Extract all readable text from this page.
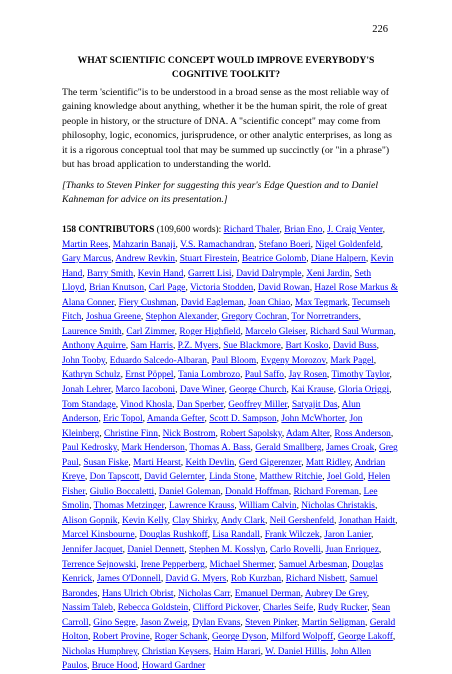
226
WHAT SCIENTIFIC CONCEPT WOULD IMPROVE EVERYBODY'S
COGNITIVE TOOLKIT?
The term 'scientific"is to be understood in a broad sense as the most reliable way of gaining knowledge about anything, whether it be the human spirit, the role of great people in history, or the structure of DNA. A "scientific concept" may come from philosophy, logic, economics, jurisprudence, or other analytic enterprises, as long as it is a rigorous conceptual tool that may be summed up succinctly (or "in a phrase") but has broad application to understanding the world.
[Thanks to Steven Pinker for suggesting this year's Edge Question and to Daniel Kahneman for advice on its presentation.]
158 CONTRIBUTORS (109,600 words): Richard Thaler, Brian Eno, J. Craig Venter, Martin Rees, Mahzarin Banaji, V.S. Ramachandran, Stefano Boeri, Nigel Goldenfeld, Gary Marcus, Andrew Revkin, Stuart Firestein, Beatrice Golomb, Diane Halpern, Kevin Hand, Barry Smith, Kevin Hand, Garrett Lisi, David Dalrymple, Xeni Jardin, Seth Lloyd, Brian Knutson, Carl Page, Victoria Stodden, David Rowan, Hazel Rose Markus & Alana Conner, Fiery Cushman, David Eagleman, Joan Chiao, Max Tegmark, Tecumseh Fitch, Joshua Greene, Stephon Alexander, Gregory Cochran, Tor Norretranders, Laurence Smith, Carl Zimmer, Roger Highfield, Marcelo Gleiser, Richard Saul Wurman, Anthony Aguirre, Sam Harris, P.Z. Myers, Sue Blackmore, Bart Kosko, David Buss, John Tooby, Eduardo Salcedo-Albaran, Paul Bloom, Evgeny Morozov, Mark Pagel, Kathryn Schulz, Ernst Pöppel, Tania Lombrozo, Paul Saffo, Jay Rosen, Timothy Taylor, Jonah Lehrer, Marco Iacoboni, Dave Winer, George Church, Kai Krause, Gloria Origgi, Tom Standage, Vinod Khosla, Dan Sperber, Geoffrey Miller, Satyajit Das, Alun Anderson, Eric Topol, Amanda Gefter, Scott D. Sampson, John McWhorter, Jon Kleinberg, Christine Finn, Nick Bostrom, Robert Sapolsky, Adam Alter, Ross Anderson, Paul Kedrosky, Mark Henderson, Thomas A. Bass, Gerald Smallberg, James Croak, Greg Paul, Susan Fiske, Marti Hearst, Keith Devlin, Gerd Gigerenzer, Matt Ridley, Andrian Kreye, Don Tapscott, David Gelernter, Linda Stone, Matthew Ritchie, Joel Gold, Helen Fisher, Giulio Boccaletti, Daniel Goleman, Donald Hoffman, Richard Foreman, Lee Smolin, Thomas Metzinger, Lawrence Krauss, William Calvin, Nicholas Christakis, Alison Gopnik, Kevin Kelly, Clay Shirky, Andy Clark, Neil Gershenfeld, Jonathan Haidt, Marcel Kinsbourne, Douglas Rushkoff, Lisa Randall, Frank Wilczek, Jaron Lanier, Jennifer Jacquet, Daniel Dennett, Stephen M. Kosslyn, Carlo Rovelli, Juan Enriquez, Terrence Sejnowski, Irene Pepperberg, Michael Shermer, Samuel Arbesman, Douglas Kenrick, James O'Donnell, David G. Myers, Rob Kurzban, Richard Nisbett, Samuel Barondes, Hans Ulrich Obrist, Nicholas Carr, Emanuel Derman, Aubrey De Grey, Nassim Taleb, Rebecca Goldstein, Clifford Pickover, Charles Seife, Rudy Rucker, Sean Carroll, Gino Segre, Jason Zweig, Dylan Evans, Steven Pinker, Martin Seligman, Gerald Holton, Robert Provine, Roger Schank, George Dyson, Milford Wolpoff, George Lakoff, Nicholas Humphrey, Christian Keysers, Haim Harari, W. Daniel Hillis, John Allen Paulos, Bruce Hood, Howard Gardner
